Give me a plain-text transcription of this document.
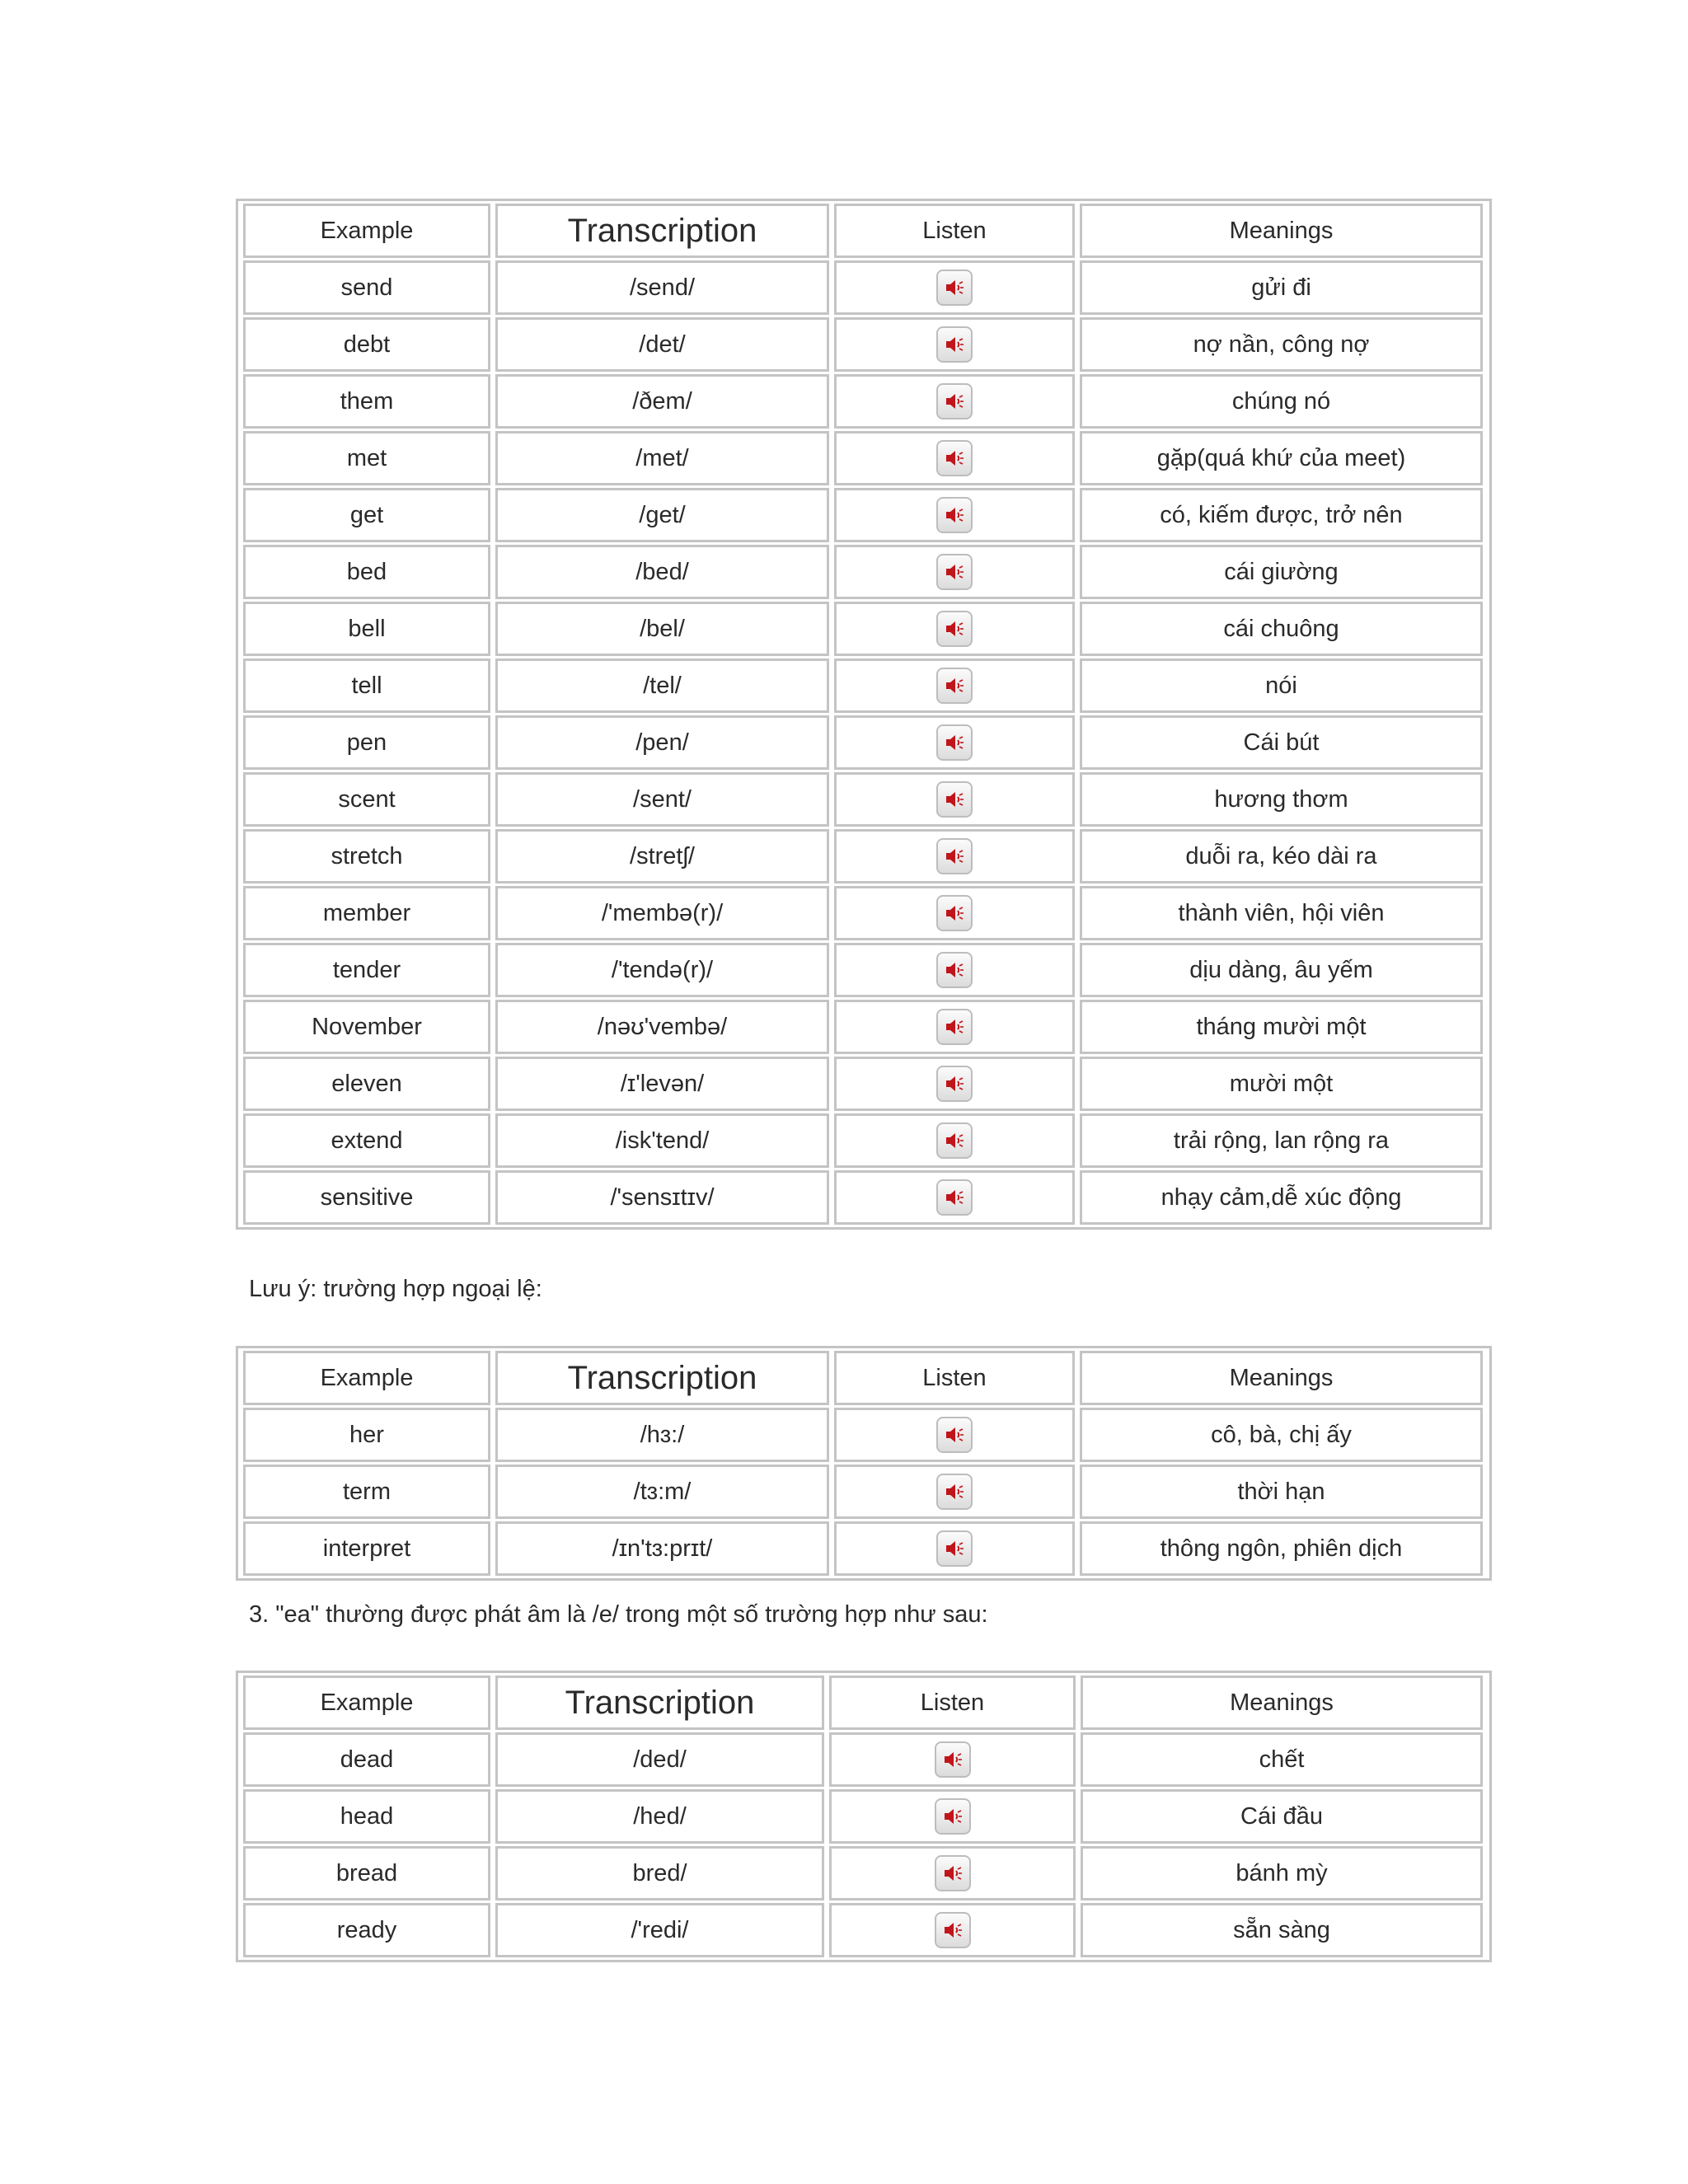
Example	Transcription	Listen	Meanings
send	/send/	gửi đi
debt	/det/	nợ nần, công nợ
them	/ðem/	chúng nó
met	/met/	gặp(quá khứ của meet)
get	/get/	có, kiếm được, trở nên
bed	/bed/	cái giường
bell	/bel/	cái chuông
tell	/tel/	nói
pen	/pen/	Cái bút
scent	/sent/	hương thơm
stretch	/stretʃ/	duỗi ra, kéo dài ra
member	/'membə(r)/	thành viên, hội viên
tender	/'tendə(r)/	dịu dàng, âu yếm
November	/nəʊ'vembə/	tháng mười một
eleven	/ɪ'levən/	mười một
extend	/isk'tend/	trải rộng, lan rộng ra
sensitive	/'sensɪtɪv/	nhạy cảm,dễ xúc động
Lưu ý: trường hợp ngoại lệ:
Example	Transcription	Listen	Meanings
her	/hɜ:/	cô, bà, chị ấy
term	/tɜ:m/	thời hạn
interpret	/ɪn'tɜ:prɪt/	thông ngôn, phiên dịch
3. "ea" thường được phát âm là /e/ trong một số trường hợp như sau:
Example	Transcription	Listen	Meanings
dead	/ded/	chết
head	/hed/	Cái đầu
bread	bred/	bánh mỳ
ready	/'redi/	sẵn sàng
